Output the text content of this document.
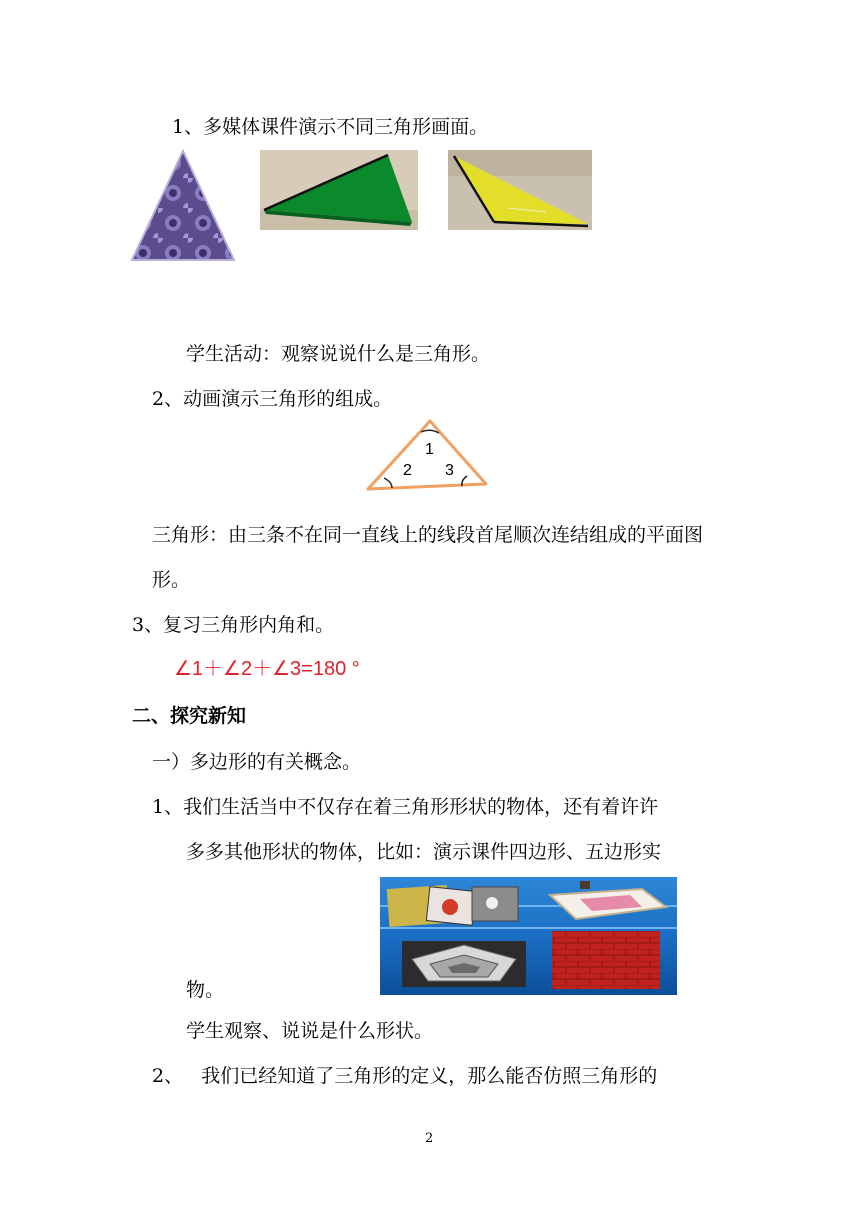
1、多媒体课件演示不同三角形画面。
学生活动：观察说说什么是三角形。
2、动画演示三角形的组成。
1
2 3
三角形：由三条不在同一直线上的线段首尾顺次连结组成的平面图
形。
3、复习三角形内角和。
∠1＋∠2＋∠3=180 °
二、探究新知
一）多边形的有关概念。
1、我们生活当中不仅存在着三角形形状的物体，还有着许许
多多其他形状的物体，比如：演示课件四边形、五边形实
物。
学生观察、说说是什么形状。
2、   我们已经知道了三角形的定义，那么能否仿照三角形的
2
